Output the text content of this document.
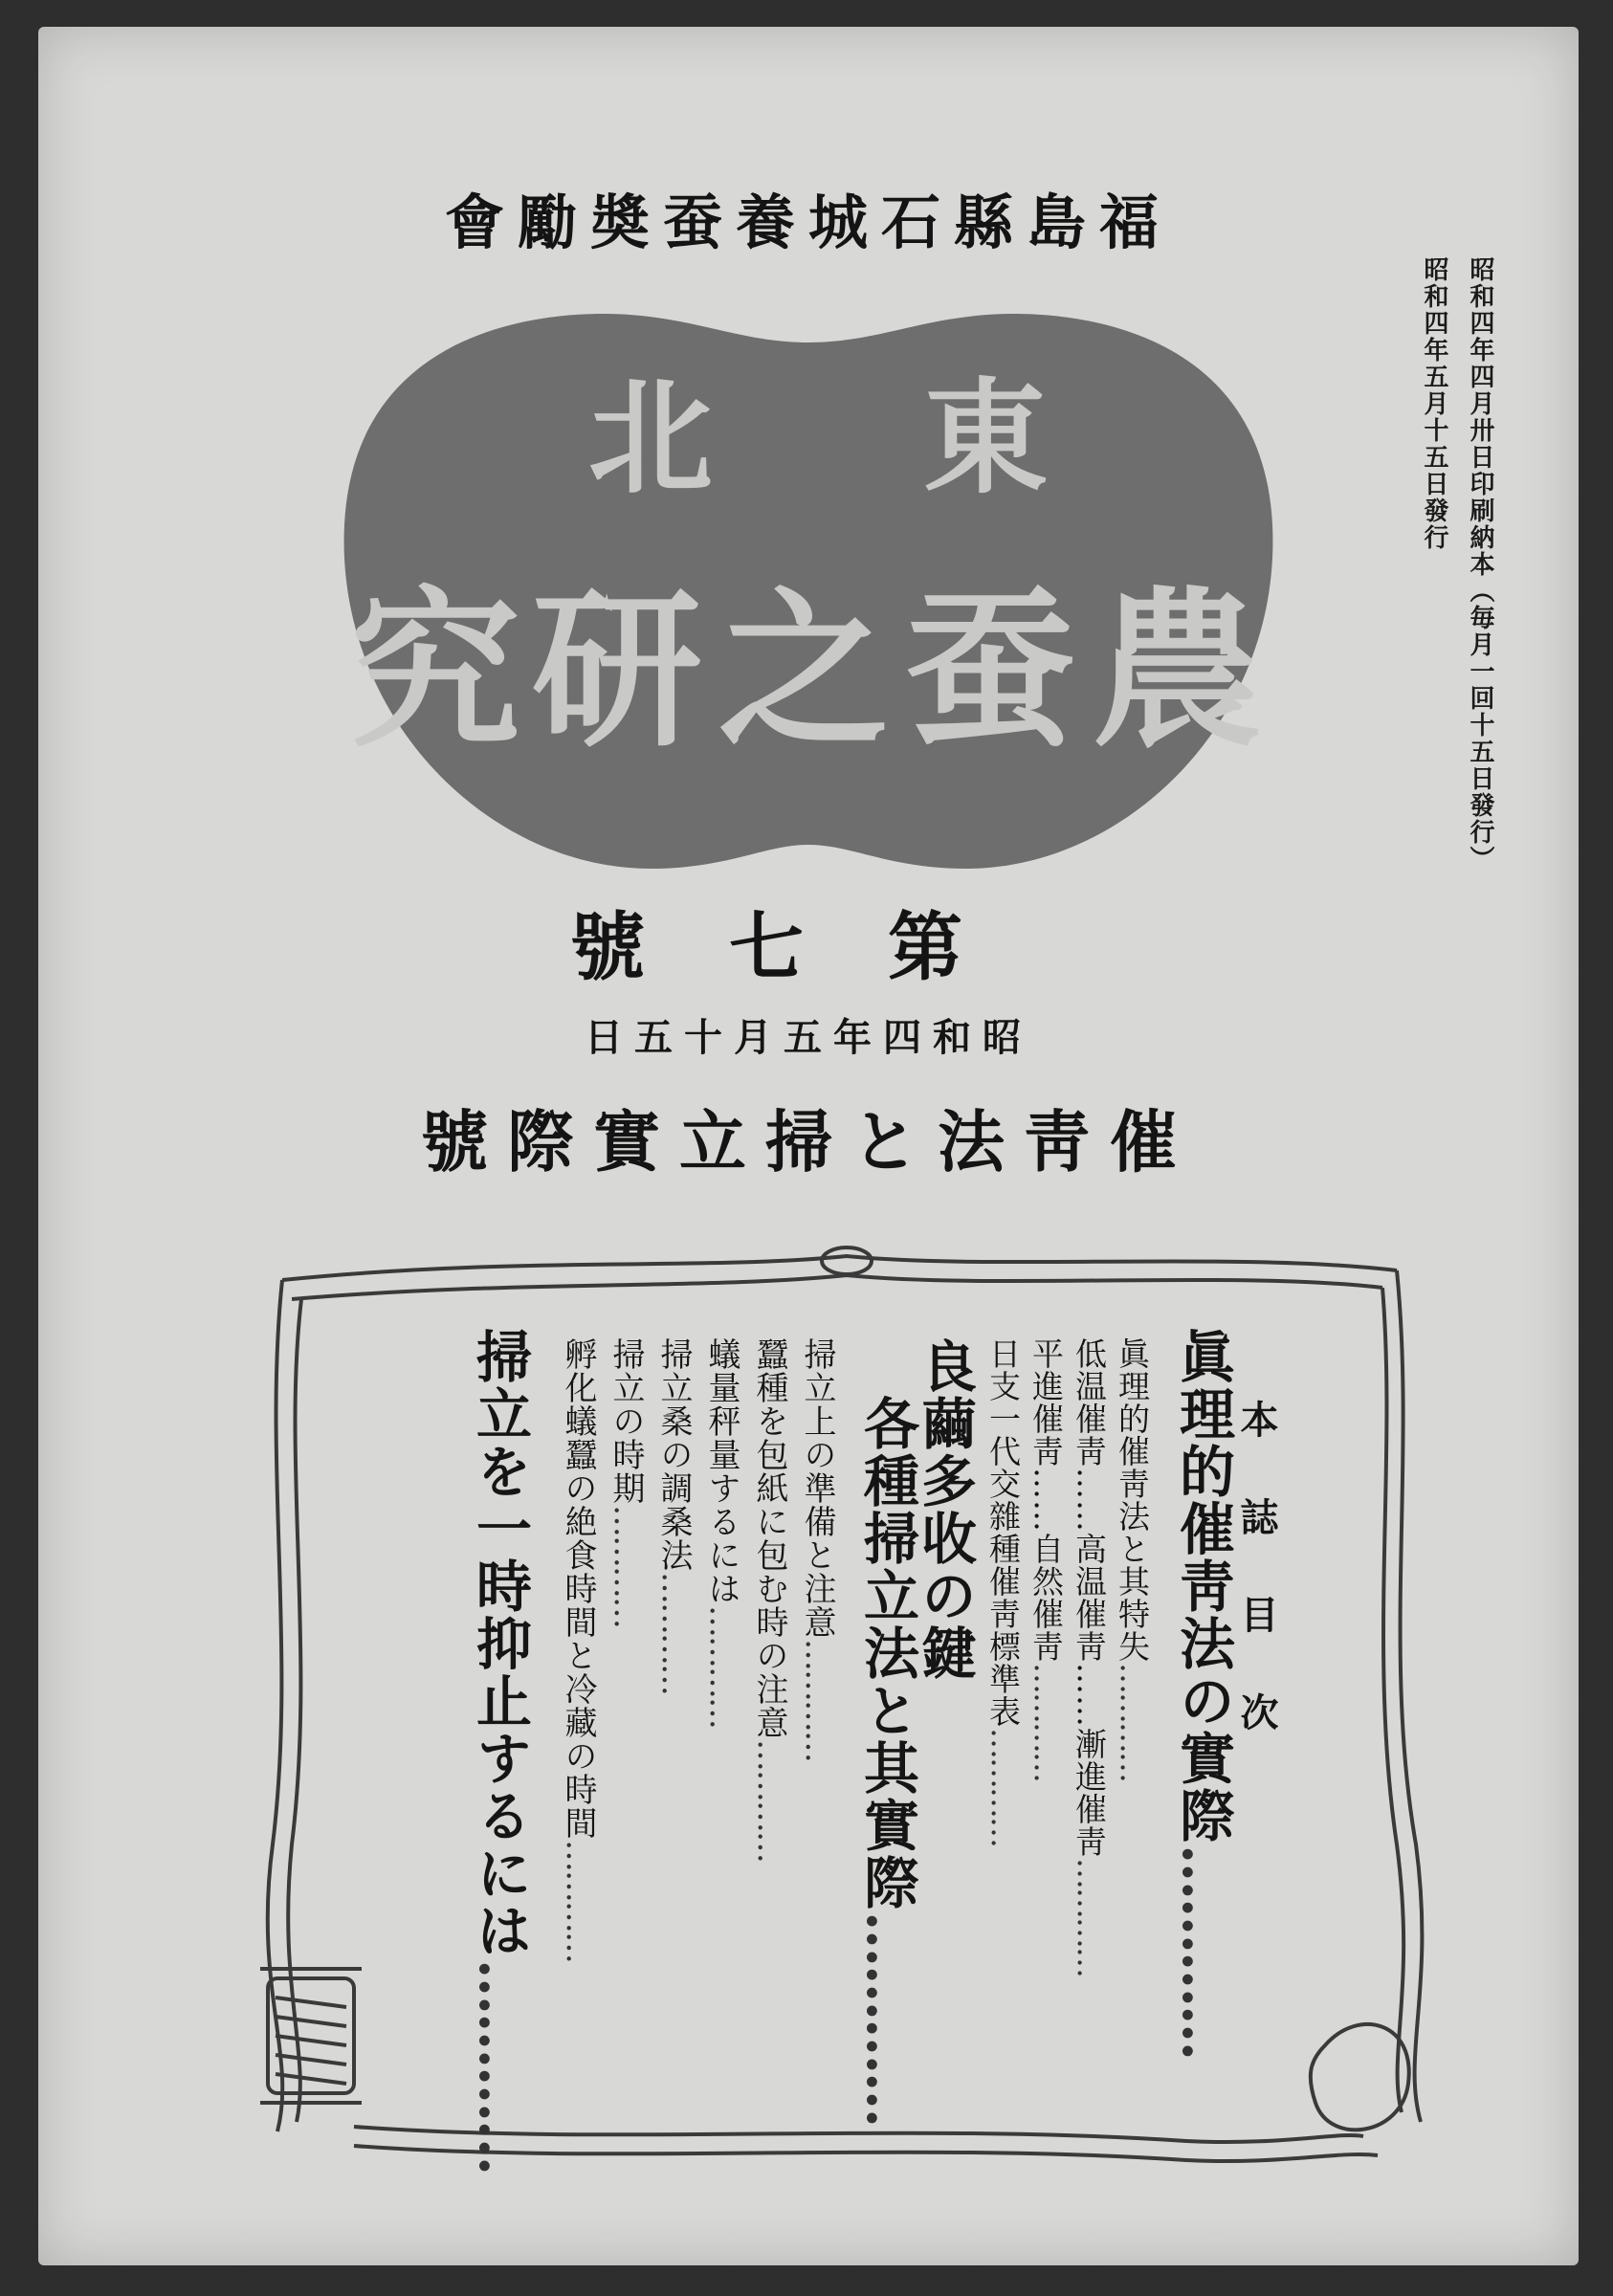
會勵奬蚕養城石縣島福
昭和四年四月卅日印刷納本（毎月一回十五日發行）
昭和四年五月十五日發行
北 東
究 研 之 蚕 農
號七第
日五十月五年四和昭
號際實立掃と法靑催
本誌目次
眞理的催靑法の實際…………
眞理的催靑法と其特失…………
低温催靑……高温催靑……漸進催靑…………
平進催靑……自然催靑…………
日支一代交雜種催靑標準表…………
良繭多收の鍵
各種掃立法と其實際…………
掃立上の準備と注意…………
蠶種を包紙に包む時の注意…………
蟻量秤量するには…………
掃立桑の調桑法…………
掃立の時期…………
孵化蟻蠶の絶食時間と冷藏の時間…………
掃立を一時抑止するには…………
